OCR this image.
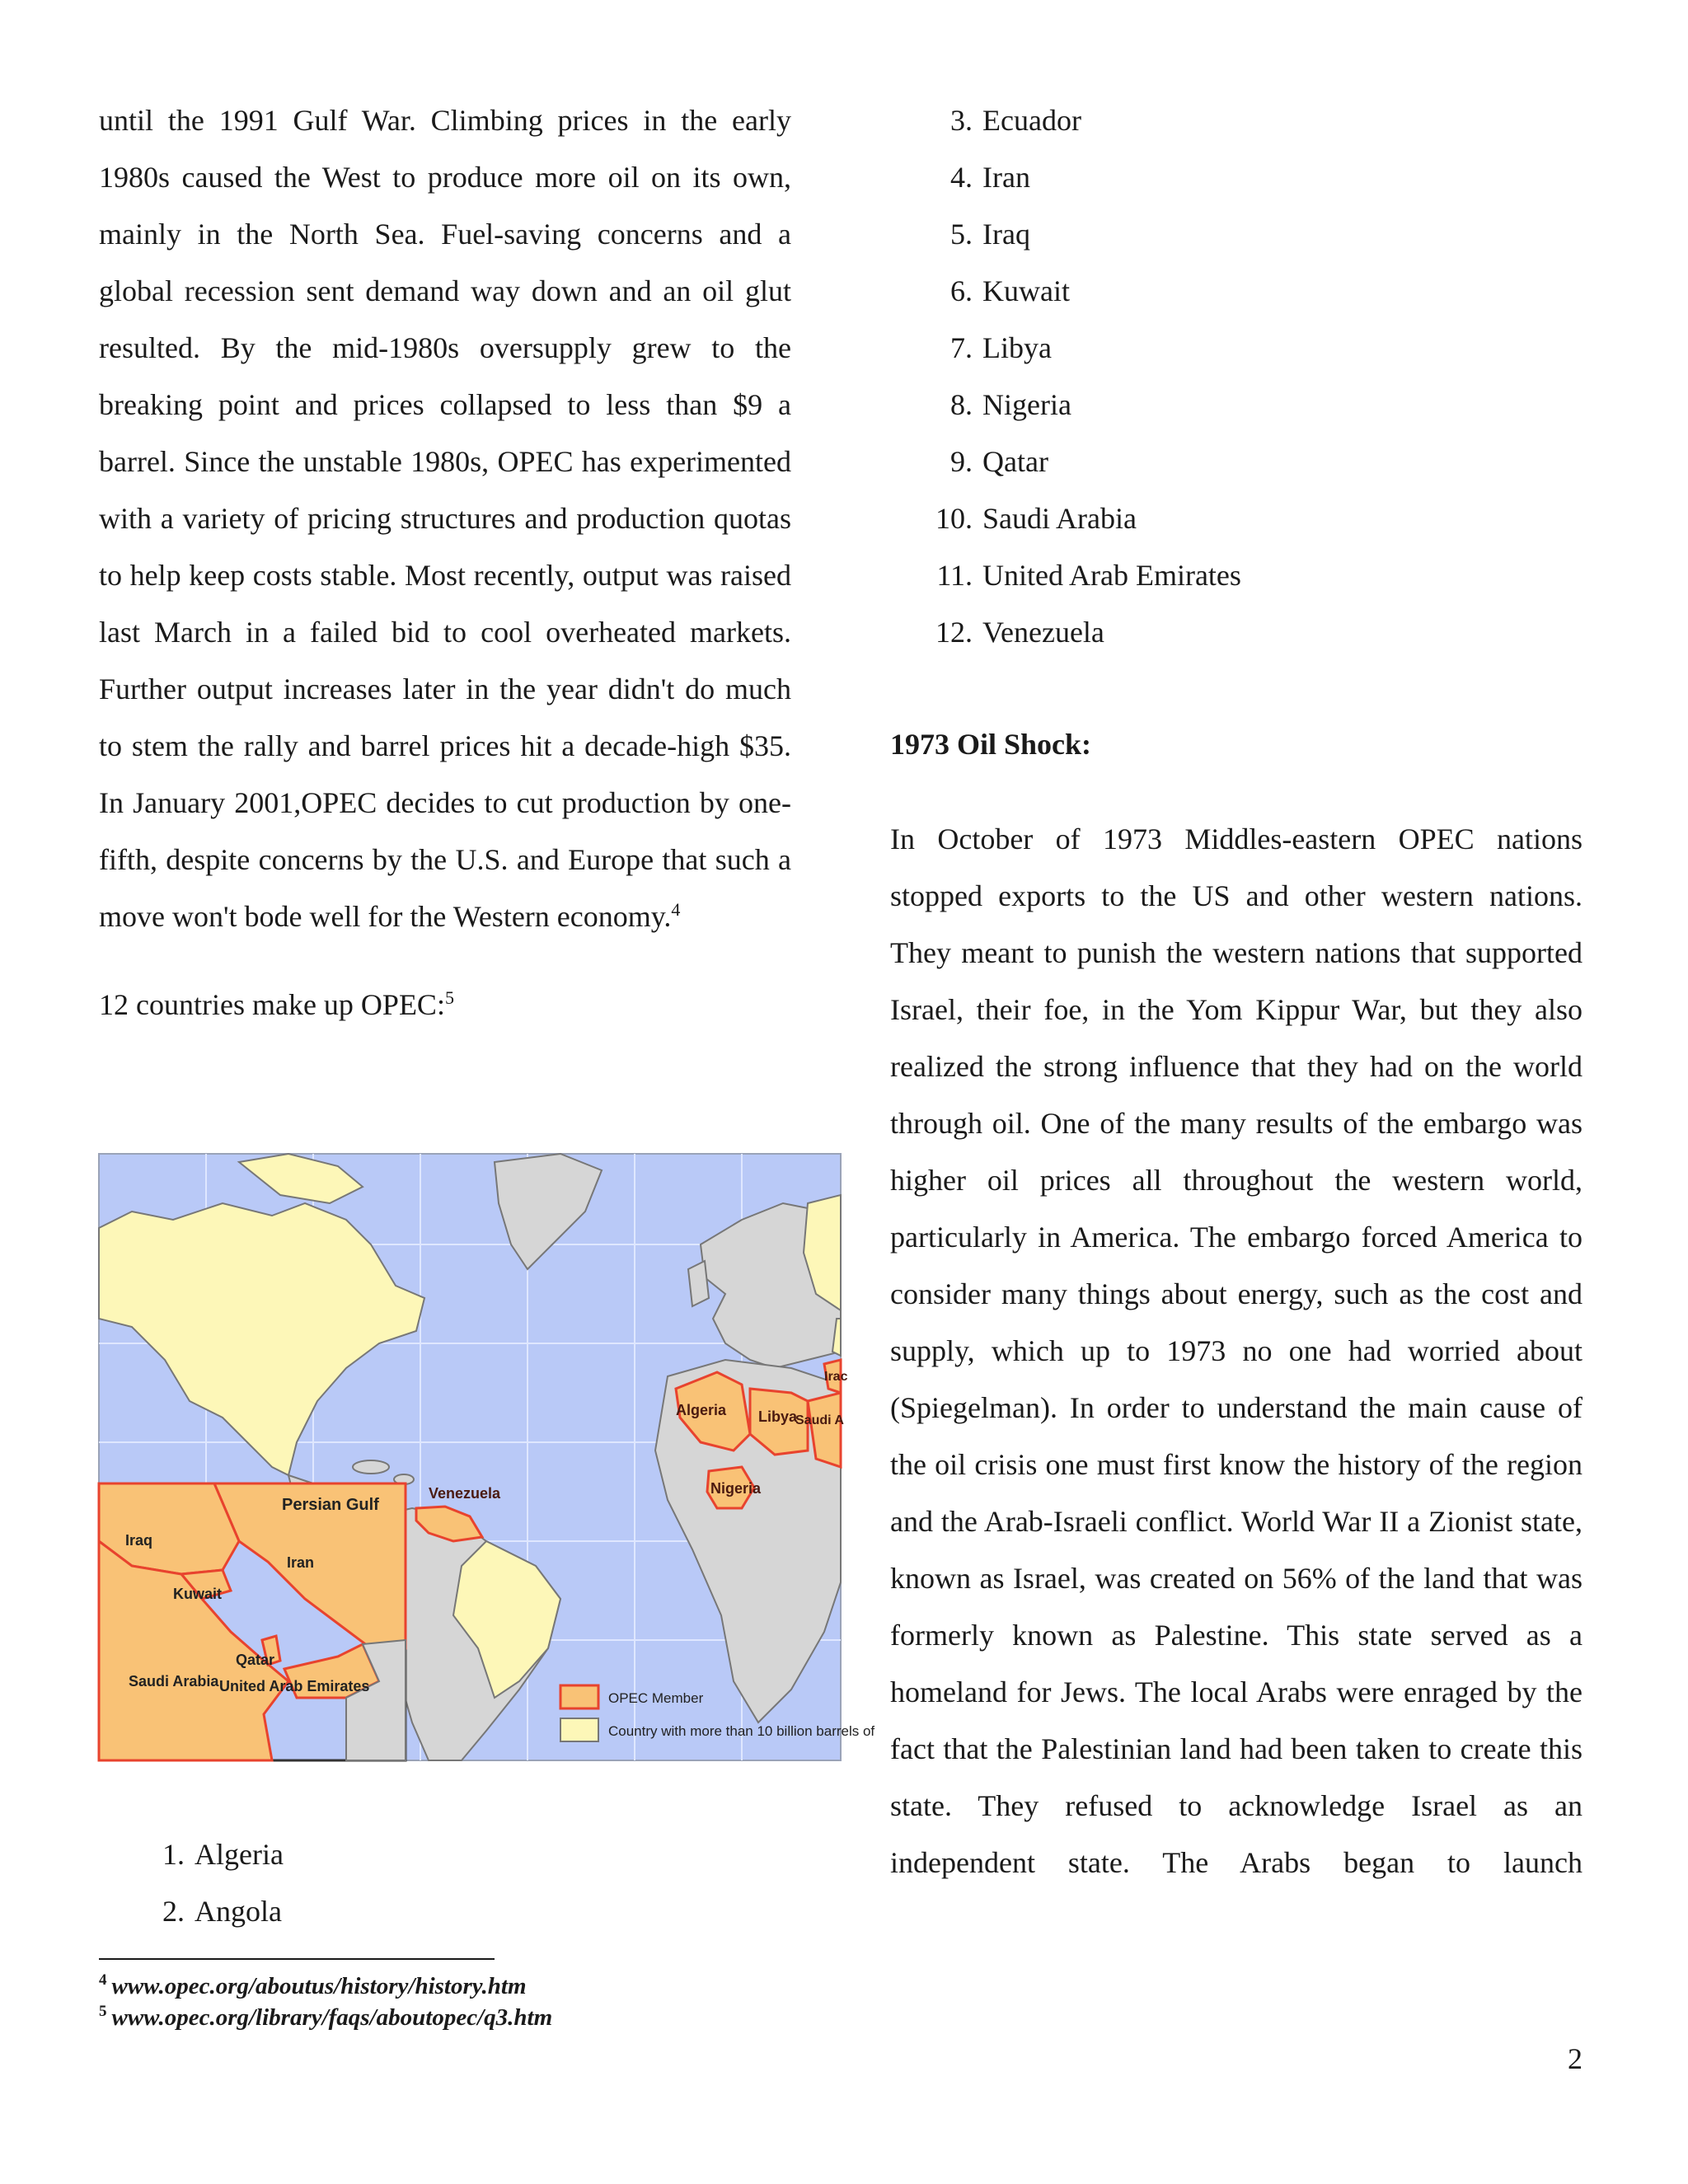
until the 1991 Gulf War. Climbing prices in the early 1980s caused the West to produce more oil on its own, mainly in the North Sea. Fuel-saving concerns and a global recession sent demand way down and an oil glut resulted. By the mid-1980s oversupply grew to the breaking point and prices collapsed to less than $9 a barrel. Since the unstable 1980s, OPEC has experimented with a variety of pricing structures and production quotas to help keep costs stable. Most recently, output was raised last March in a failed bid to cool overheated markets. Further output increases later in the year didn't do much to stem the rally and barrel prices hit a decade-high $35. In January 2001,OPEC decides to cut production by one-fifth, despite concerns by the U.S. and Europe that such a move won't bode well for the Western economy.$^4$

12 countries make up OPEC:$^5$

Algeria Libya
Saudi A
Irac
Nigeria
Venezuela
Persian Gulf
Iraq
Iran
Kuwait
Qatar
Saudi Arabia United Arab Emirates
OPEC Member
Country with more than 10 billion barrels of
1. Algeria
2. Angola
$^4$ www.opec.org/aboutus/history/history.htm
$^5$ www.opec.org/library/faqs/aboutopec/q3.htm
3. Ecuador
4. Iran
5. Iraq
6. Kuwait
7. Libya
8. Nigeria
9. Qatar
10. Saudi Arabia
11. United Arab Emirates
12. Venezuela

1973 Oil Shock:

In October of 1973 Middles-eastern OPEC nations stopped exports to the US and other western nations. They meant to punish the western nations that supported Israel, their foe, in the Yom Kippur War, but they also realized the strong influence that they had on the world through oil. One of the many results of the embargo was higher oil prices all throughout the western world, particularly in America. The embargo forced America to consider many things about energy, such as the cost and supply, which up to 1973 no one had worried about (Spiegelman). In order to understand the main cause of the oil crisis one must first know the history of the region and the Arab-Israeli conflict. World War II a Zionist state, known as Israel, was created on 56% of the land that was formerly known as Palestine. This state served as a homeland for Jews. The local Arabs were enraged by the fact that the Palestinian land had been taken to create this state. They refused to acknowledge Israel as an independent state. The Arabs began to launch

2
